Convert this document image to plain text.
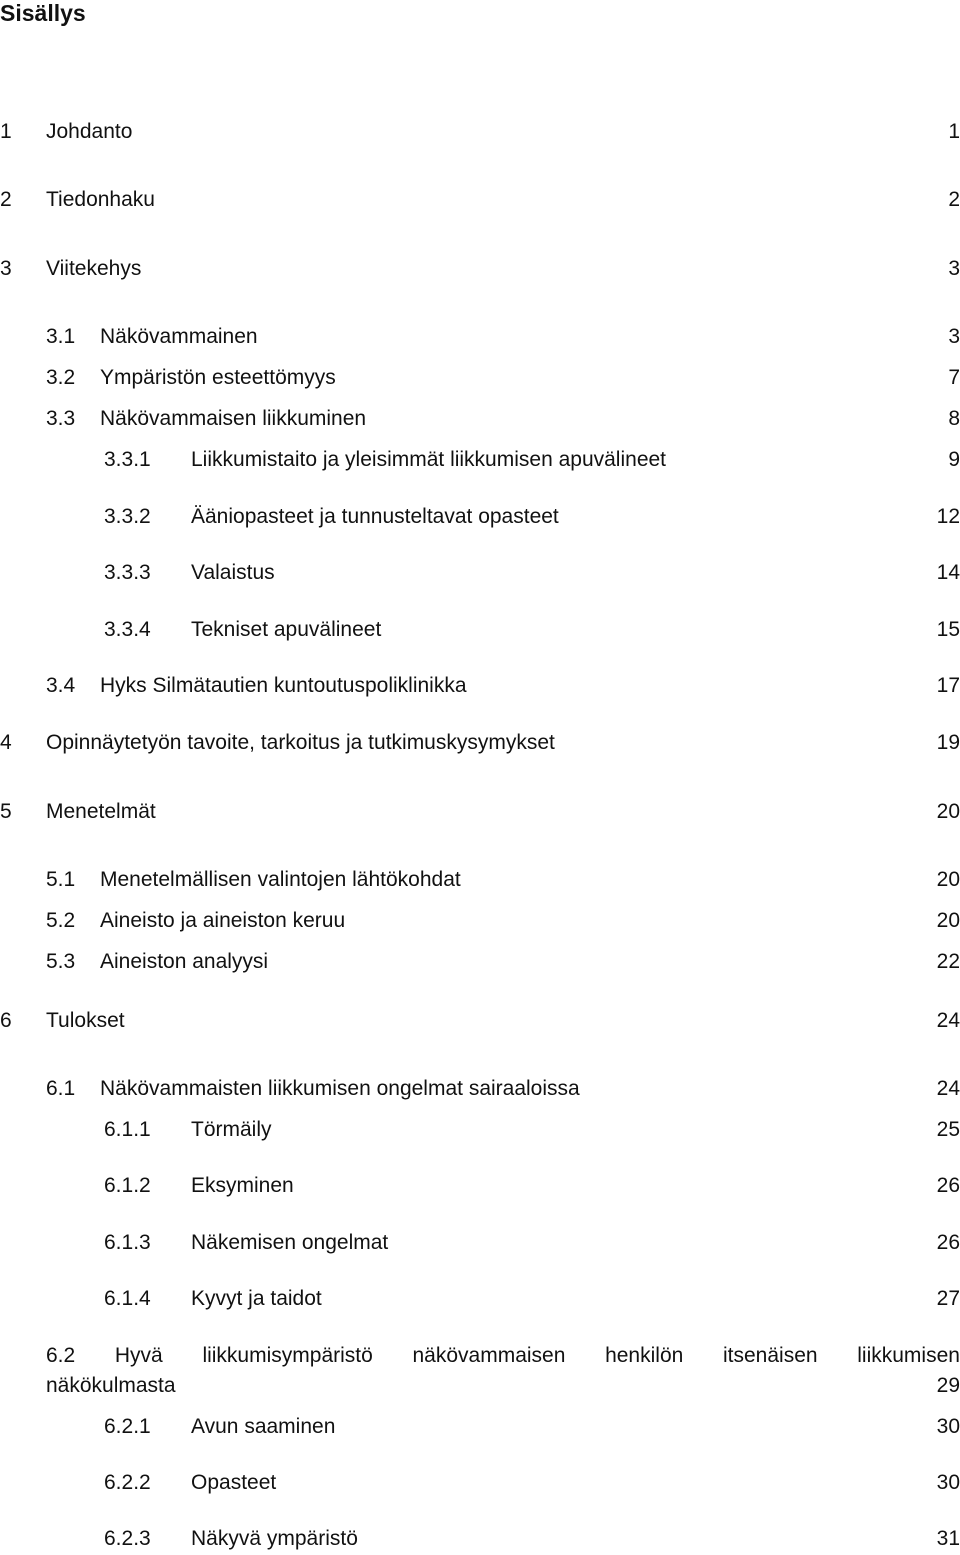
Sisällys
1 Johdanto	1
2 Tiedonhaku	2
3 Viitekehys	3
3.1 Näkövammainen	3
3.2 Ympäristön esteettömyys	7
3.3 Näkövammaisen liikkuminen	8
3.3.1 Liikkumistaito ja yleisimmät liikkumisen apuvälineet	9
3.3.2 Ääniopasteet ja tunnusteltavat opasteet	12
3.3.3 Valaistus	14
3.3.4 Tekniset apuvälineet	15
3.4 Hyks Silmätautien kuntoutuspoliklinikka	17
4 Opinnäytetyön tavoite, tarkoitus ja tutkimuskysymykset	19
5 Menetelmät	20
5.1 Menetelmällisen valintojen lähtökohdat	20
5.2 Aineisto ja aineiston keruu	20
5.3 Aineiston analyysi	22
6 Tulokset	24
6.1 Näkövammaisten liikkumisen ongelmat sairaaloissa	24
6.1.1 Törmäily	25
6.1.2 Eksyminen	26
6.1.3 Näkemisen ongelmat	26
6.1.4 Kyvyt ja taidot	27
6.2 Hyvä liikkumisympäristö näkövammaisen henkilön itsenäisen liikkumisen
näkökulmasta	29
6.2.1 Avun saaminen	30
6.2.2 Opasteet	30
6.2.3 Näkyvä ympäristö	31
